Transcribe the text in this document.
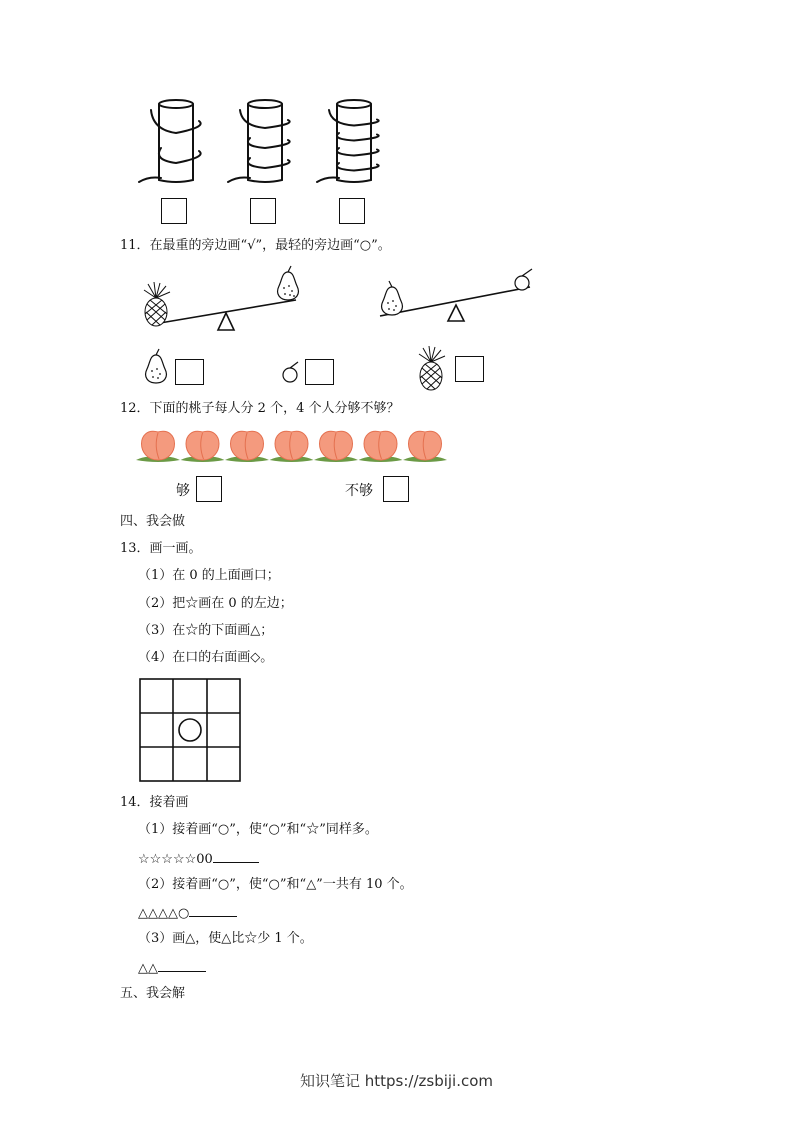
11．在最重的旁边画“√”，最轻的旁边画“○”。
12．下面的桃子每人分 2 个，4 个人分够不够？
够	不够
四、我会做
13．画一画。
（1）在 0 的上面画口；
（2）把☆画在 0 的左边；
（3）在☆的下面画△；
（4）在口的右面画◇。
14．接着画
（1）接着画“○”，使“○”和“☆”同样多。
☆☆☆☆☆00
（2）接着画“○”，使“○”和“△”一共有 10 个。
△△△△○
（3）画△，使△比☆少 1 个。
△△
五、我会解
知识笔记 https://zsbiji.com
